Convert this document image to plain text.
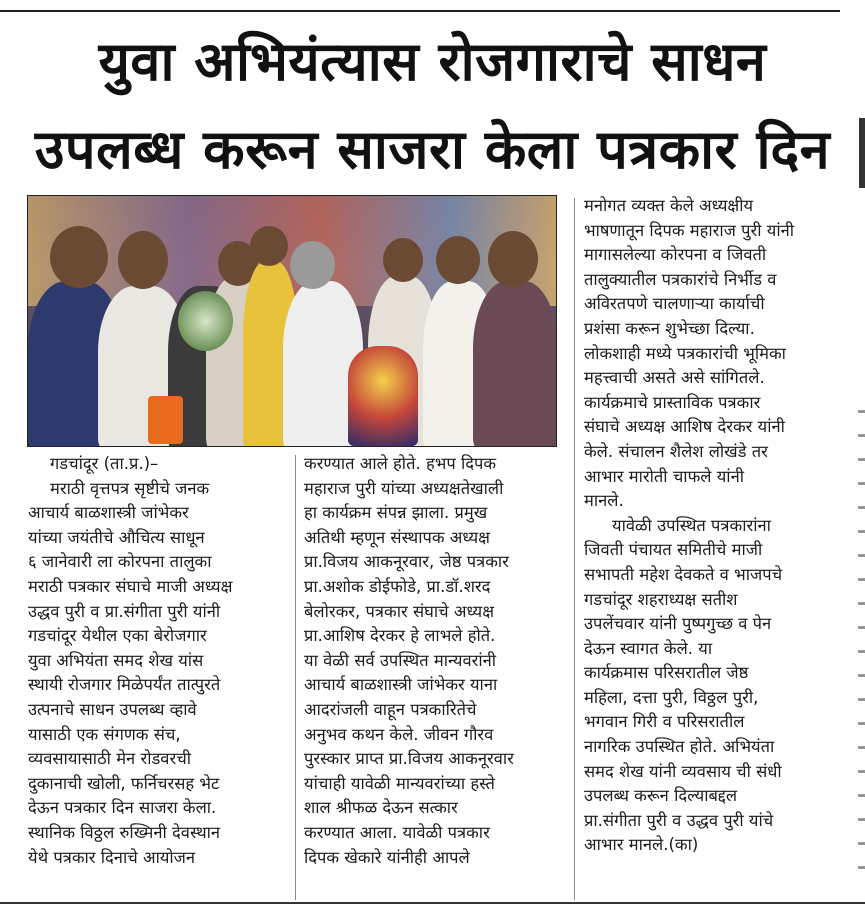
युवा अभियंत्यास रोजगाराचे साधन
उपलब्ध करून साजरा केला पत्रकार दिन

गडचांदूर (ता.प्र.)–

मराठी वृत्तपत्र सृष्टीचे जनक

आचार्य बाळशास्त्री जांभेकर

यांच्या जयंतीचे औचित्य साधून

६ जानेवारी ला कोरपना तालुका

मराठी पत्रकार संघाचे माजी अध्यक्ष

उद्धव पुरी व प्रा.संगीता पुरी यांनी

गडचांदूर येथील एका बेरोजगार

युवा अभियंता समद शेख यांस

स्थायी रोजगार मिळेपर्यंत तात्पुरते

उत्पनाचे साधन उपलब्ध व्हावे

यासाठी एक संगणक संच,

व्यवसायासाठी मेन रोडवरची

दुकानाची खोली, फर्निचरसह भेट

देऊन पत्रकार दिन साजरा केला.

स्थानिक विठ्ठल रुख्मिनी देवस्थान

येथे पत्रकार दिनाचे आयोजन

करण्यात आले होते. हभप दिपक

महाराज पुरी यांच्या अध्यक्षतेखाली

हा कार्यक्रम संपन्न झाला. प्रमुख

अतिथी म्हणून संस्थापक अध्यक्ष

प्रा.विजय आकनूरवार, जेष्ठ पत्रकार

प्रा.अशोक डोईफोडे, प्रा.डॉ.शरद

बेलोरकर, पत्रकार संघाचे अध्यक्ष

प्रा.आशिष देरकर हे लाभले होते.

या वेळी सर्व उपस्थित मान्यवरांनी

आचार्य बाळशास्त्री जांभेकर याना

आदरांजली वाहून पत्रकारितेचे

अनुभव कथन केले. जीवन गौरव

पुरस्कार प्राप्त प्रा.विजय आकनूरवार

यांचाही यावेळी मान्यवरांच्या हस्ते

शाल श्रीफळ देऊन सत्कार

करण्यात आला. यावेळी पत्रकार

दिपक खेकारे यांनीही आपले

मनोगत व्यक्त केले अध्यक्षीय

भाषणातून दिपक महाराज पुरी यांनी

मागासलेल्या कोरपना व जिवती

तालुक्यातील पत्रकारांचे निर्भीड व

अविरतपणे चालणाऱ्या कार्याची

प्रशंसा करून शुभेच्छा दिल्या.

लोकशाही मध्ये पत्रकारांची भूमिका

महत्त्वाची असते असे सांगितले.

कार्यक्रमाचे प्रास्ताविक पत्रकार

संघाचे अध्यक्ष आशिष देरकर यांनी

केले. संचालन शैलेश लोखंडे तर

आभार मारोती चाफले यांनी

मानले.

यावेळी उपस्थित पत्रकारांना

जिवती पंचायत समितीचे माजी

सभापती महेश देवकते व भाजपचे

गडचांदूर शहराध्यक्ष सतीश

उपलेंचवार यांनी पुष्पगुच्छ व पेन

देऊन स्वागत केले. या

कार्यक्रमास परिसरातील जेष्ठ

महिला, दत्ता पुरी, विठ्ठल पुरी,

भगवान गिरी व परिसरातील

नागरिक उपस्थित होते. अभियंता

समद शेख यांनी व्यवसाय ची संधी

उपलब्ध करून दिल्याबद्दल

प्रा.संगीता पुरी व उद्धव पुरी यांचे

आभार मानले.(का)
